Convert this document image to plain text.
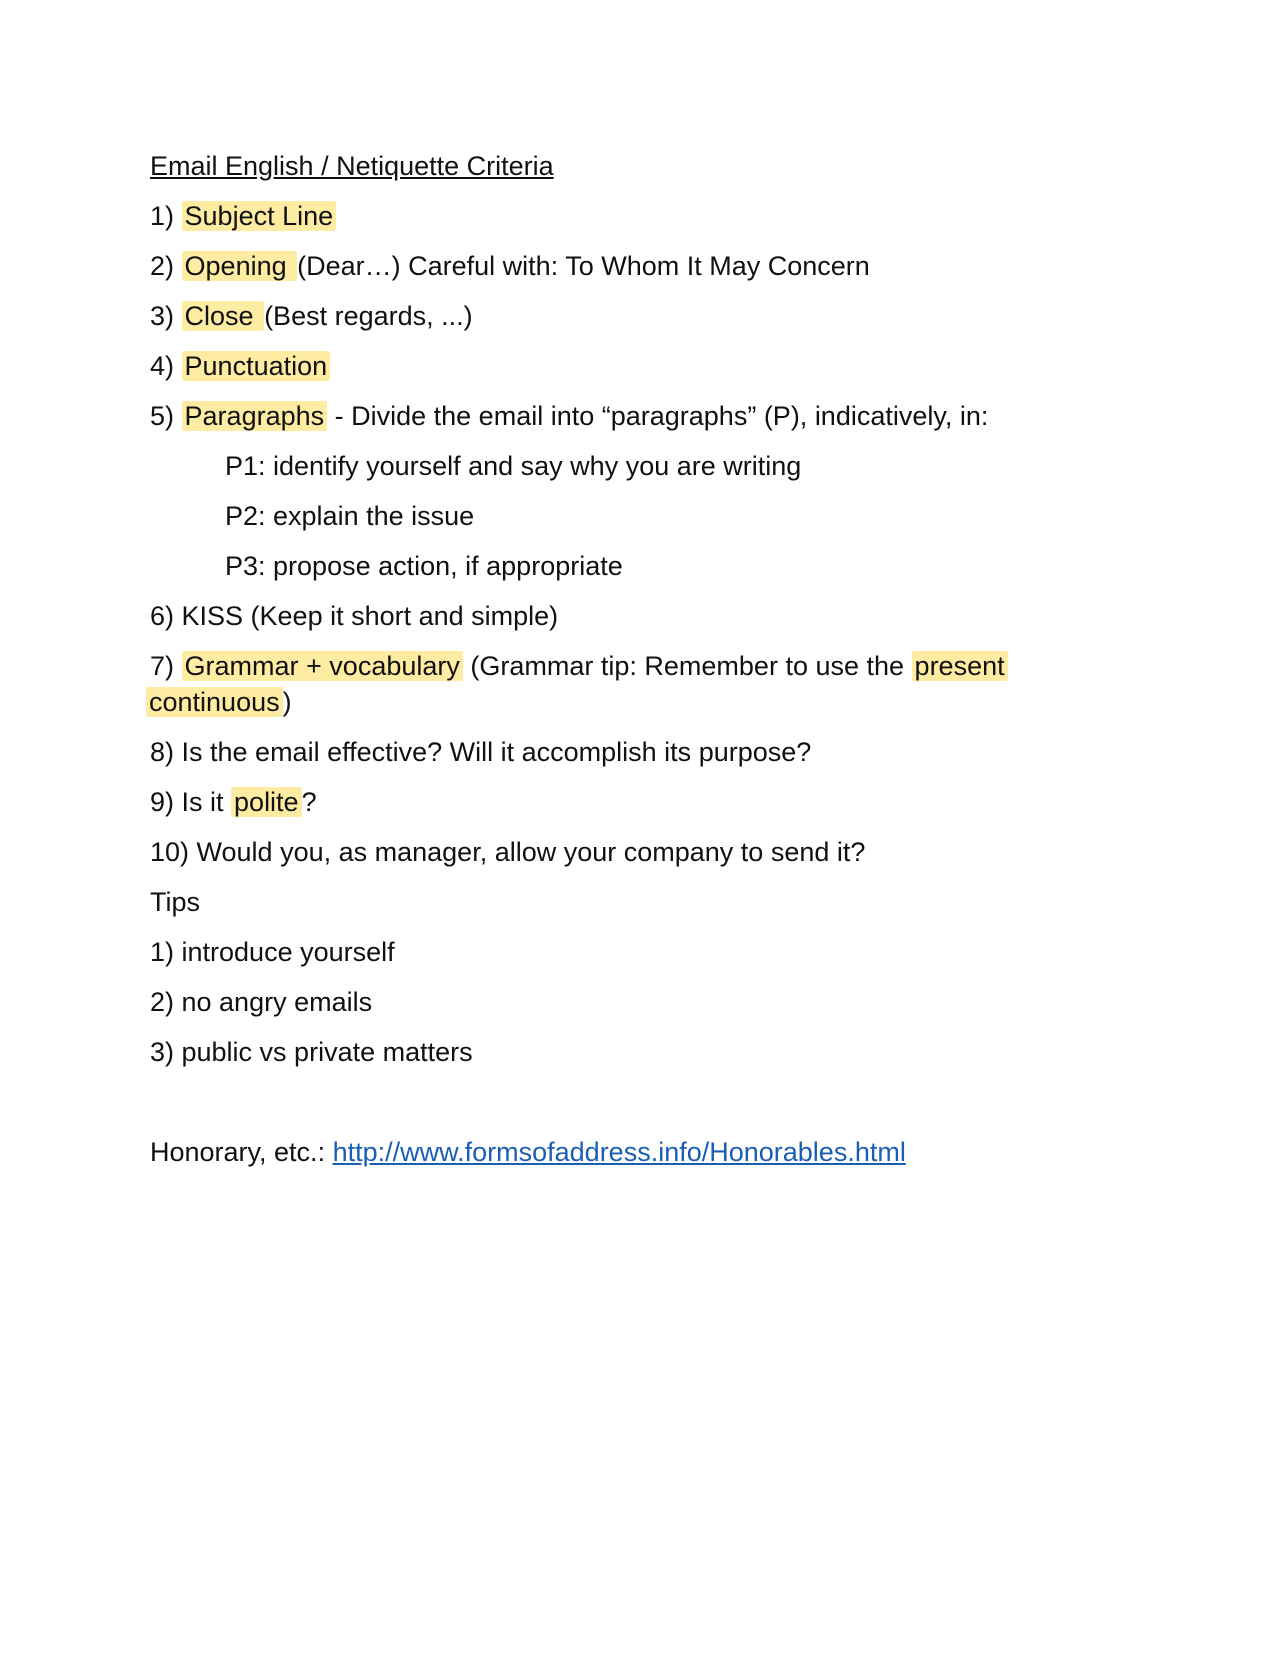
Email English / Netiquette Criteria
1) Subject Line
2) Opening (Dear…) Careful with: To Whom It May Concern
3) Close (Best regards, ...)
4) Punctuation
5) Paragraphs - Divide the email into “paragraphs” (P), indicatively, in:
P1: identify yourself and say why you are writing
P2: explain the issue
P3: propose action, if appropriate
6) KISS (Keep it short and simple)
7) Grammar + vocabulary (Grammar tip: Remember to use the present
continuous )
8) Is the email effective? Will it accomplish its purpose?
9) Is it polite ?
10) Would you, as manager, allow your company to send it?
Tips
1) introduce yourself
2) no angry emails
3) public vs private matters
Honorary, etc.: http://www.formsofaddress.info/Honorables.html
